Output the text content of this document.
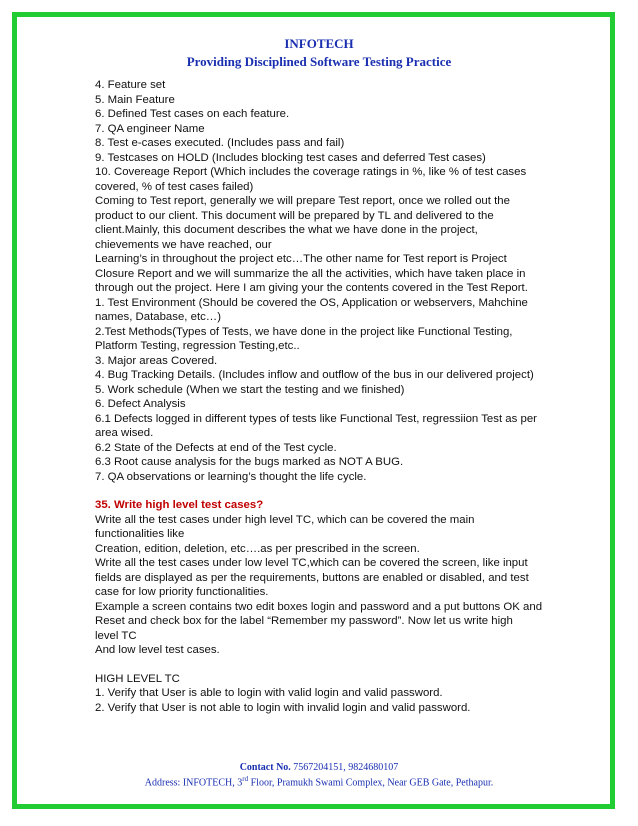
INFOTECH
Providing Disciplined Software Testing Practice
4. Feature set
5. Main Feature
6. Defined Test cases on each feature.
7. QA engineer Name
8. Test e-cases executed. (Includes pass and fail)
9. Testcases on HOLD (Includes blocking test cases and deferred Test cases)
10. Covereage Report (Which includes the coverage ratings in %, like % of test cases
covered, % of test cases failed)
Coming to Test report, generally we will prepare Test report, once we rolled out the
product to our client. This document will be prepared by TL and delivered to the
client.Mainly, this document describes the what we have done in the project,
chievements we have reached, our
Learning’s in throughout the project etc…The other name for Test report is Project
Closure Report and we will summarize the all the activities, which have taken place in
through out the project. Here I am giving your the contents covered in the Test Report.
1. Test Environment (Should be covered the OS, Application or webservers, Mahchine
names, Database, etc…)
2.Test Methods(Types of Tests, we have done in the project like Functional Testing,
Platform Testing, regression Testing,etc..
3. Major areas Covered.
4. Bug Tracking Details. (Includes inflow and outflow of the bus in our delivered project)
5. Work schedule (When we start the testing and we finished)
6. Defect Analysis
6.1 Defects logged in different types of tests like Functional Test, regressiion Test as per
area wised.
6.2 State of the Defects at end of the Test cycle.
6.3 Root cause analysis for the bugs marked as NOT A BUG.
7. QA observations or learning’s thought the life cycle.
35. Write high level test cases?
Write all the test cases under high level TC, which can be covered the main
functionalities like
Creation, edition, deletion, etc….as per prescribed in the screen.
Write all the test cases under low level TC,which can be covered the screen, like input
fields are displayed as per the requirements, buttons are enabled or disabled, and test
case for low priority functionalities.
Example a screen contains two edit boxes login and password and a put buttons OK and
Reset and check box for the label “Remember my password”. Now let us write high
level TC
And low level test cases.
HIGH LEVEL TC
1. Verify that User is able to login with valid login and valid password.
2. Verify that User is not able to login with invalid login and valid password.
Contact No. 7567204151, 9824680107
Address: INFOTECH, 3rd Floor, Pramukh Swami Complex, Near GEB Gate, Pethapur.
